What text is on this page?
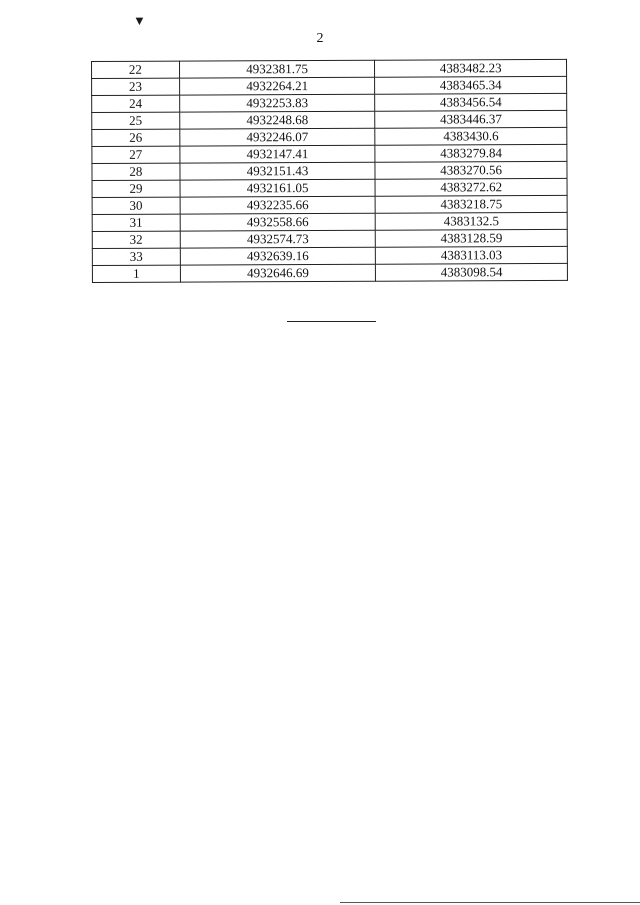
▼
2
22	4932381.75	4383482.23
23	4932264.21	4383465.34
24	4932253.83	4383456.54
25	4932248.68	4383446.37
26	4932246.07	4383430.6
27	4932147.41	4383279.84
28	4932151.43	4383270.56
29	4932161.05	4383272.62
30	4932235.66	4383218.75
31	4932558.66	4383132.5
32	4932574.73	4383128.59
33	4932639.16	4383113.03
1	4932646.69	4383098.54
